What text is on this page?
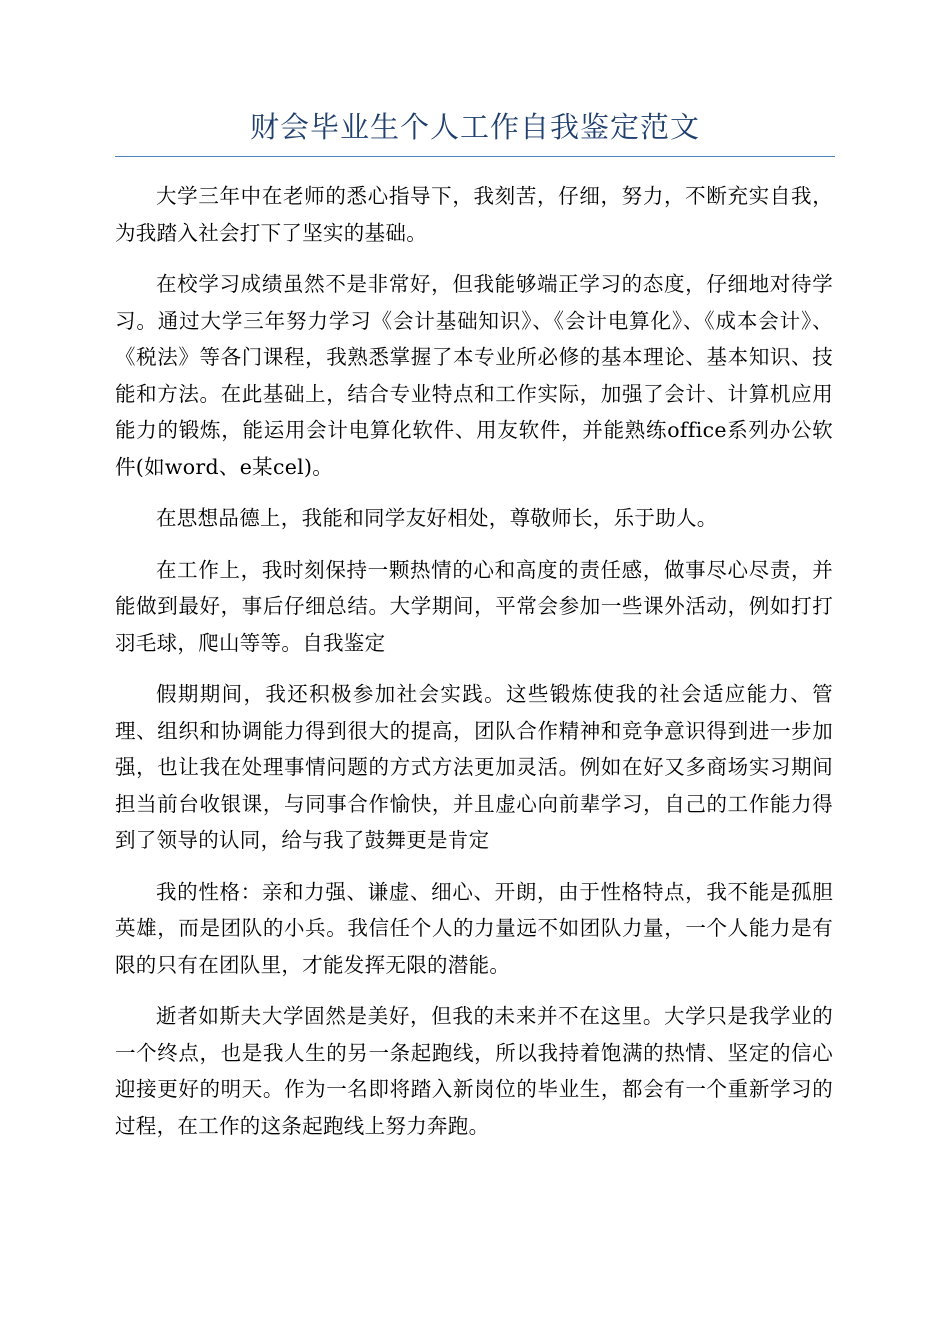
财会毕业生个人工作自我鉴定范文

大学三年中在老师的悉心指导下，我刻苦，仔细，努力，不断充实自我，为我踏入社会打下了坚实的基础。

在校学习成绩虽然不是非常好，但我能够端正学习的态度，仔细地对待学习。通过大学三年努力学习《会计基础知识》、《会计电算化》、《成本会计》、《税法》等各门课程，我熟悉掌握了本专业所必修的基本理论、基本知识、技能和方法。在此基础上，结合专业特点和工作实际，加强了会计、计算机应用能力的锻炼，能运用会计电算化软件、用友软件，并能熟练office系列办公软件(如word、e某cel)。

在思想品德上，我能和同学友好相处，尊敬师长，乐于助人。

在工作上，我时刻保持一颗热情的心和高度的责任感，做事尽心尽责，并能做到最好，事后仔细总结。大学期间，平常会参加一些课外活动，例如打打羽毛球，爬山等等。自我鉴定

假期期间，我还积极参加社会实践。这些锻炼使我的社会适应能力、管理、组织和协调能力得到很大的提高，团队合作精神和竞争意识得到进一步加强，也让我在处理事情问题的方式方法更加灵活。例如在好又多商场实习期间担当前台收银课，与同事合作愉快，并且虚心向前辈学习，自己的工作能力得到了领导的认同，给与我了鼓舞更是肯定

我的性格：亲和力强、谦虚、细心、开朗，由于性格特点，我不能是孤胆英雄，而是团队的小兵。我信任个人的力量远不如团队力量，一个人能力是有限的只有在团队里，才能发挥无限的潜能。

逝者如斯夫大学固然是美好，但我的未来并不在这里。大学只是我学业的一个终点，也是我人生的另一条起跑线，所以我持着饱满的热情、坚定的信心迎接更好的明天。作为一名即将踏入新岗位的毕业生，都会有一个重新学习的过程，在工作的这条起跑线上努力奔跑。
